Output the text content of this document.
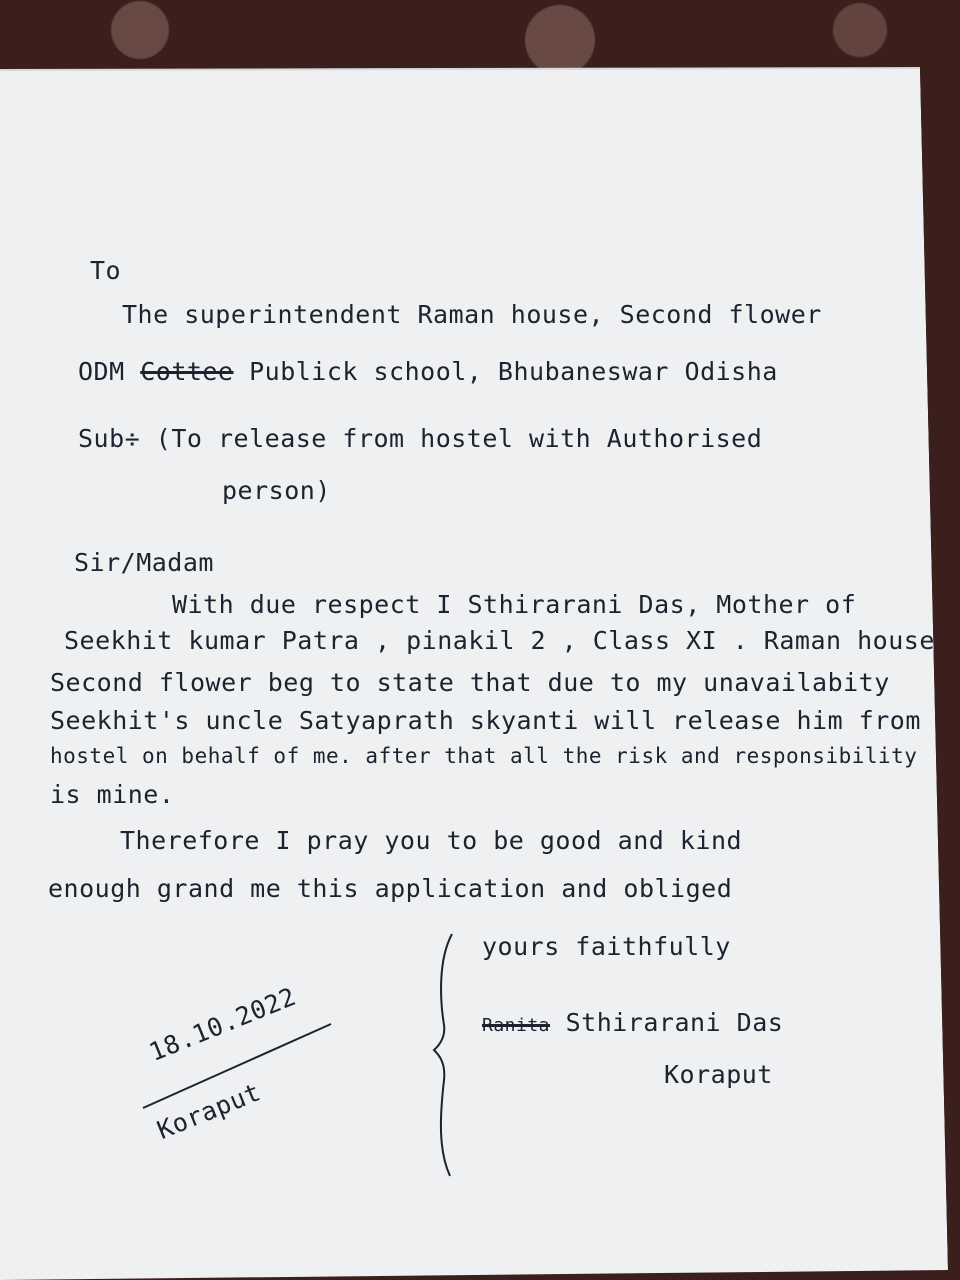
To
The superintendent Raman house, Second flower
ODM Cottee Publick school, Bhubaneswar Odisha
Sub÷ (To release from hostel with Authorised
person)
Sir/Madam
With due respect I Sthirarani Das, Mother of
Seekhit kumar Patra , pinakil 2 , Class XI . Raman house
Second flower beg to state that due to my unavailabity
Seekhit's uncle Satyaprath skyanti will release him from
hostel on behalf of me. after that all the risk and responsibility
is mine.
Therefore I pray you to be good and kind
enough grand me this application and obliged
yours faithfully
Ranita Sthirarani Das
Koraput
18.10.2022
Koraput
